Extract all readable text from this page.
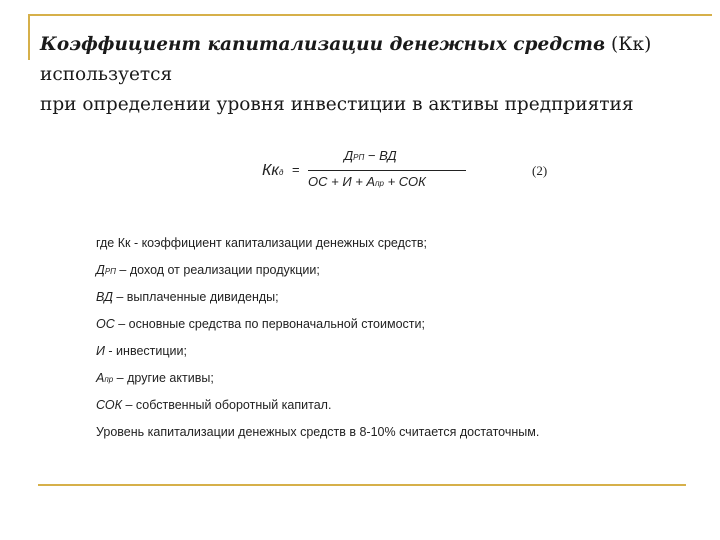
Коэффициент капитализации денежных средств (Кк) используется
при определении уровня инвестиции в активы предприятия
Ккд =
ДРП − ВД
ОС + И + Апр + СОК
(2)
где Кк - коэффициент капитализации денежных средств;
ДРП – доход от реализации продукции;
ВД – выплаченные дивиденды;
ОС – основные средства по первоначальной стоимости;
И - инвестиции;
Апр – другие активы;
СОК – собственный оборотный капитал.
Уровень капитализации денежных средств в 8-10% считается достаточным.
